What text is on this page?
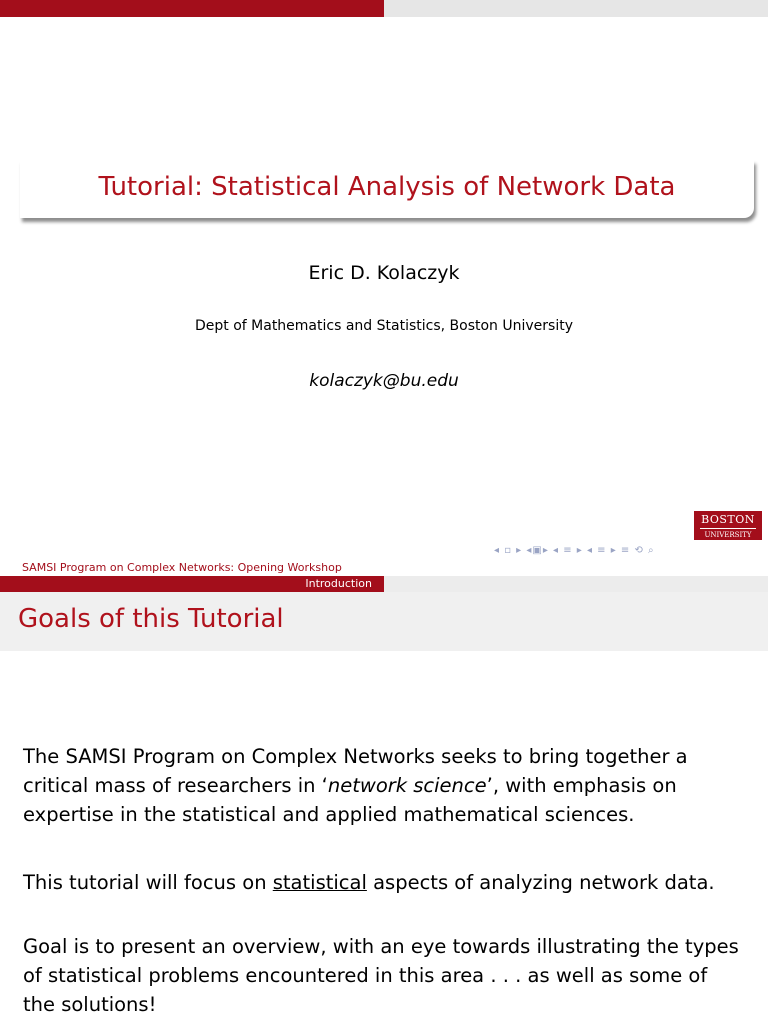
Tutorial: Statistical Analysis of Network Data
Eric D. Kolaczyk
Dept of Mathematics and Statistics, Boston University
kolaczyk@bu.edu
BOSTON
UNIVERSITY
◂ ▫ ▸ ◂▣▸ ◂ ≡ ▸ ◂ ≡ ▸ ≡ ⟲ ⌕
SAMSI Program on Complex Networks: Opening Workshop
Introduction
Goals of this Tutorial
The SAMSI Program on Complex Networks seeks to bring together a critical mass of researchers in ‘network science’, with emphasis on expertise in the statistical and applied mathematical sciences.
This tutorial will focus on statistical aspects of analyzing network data.
Goal is to present an overview, with an eye towards illustrating the types of statistical problems encountered in this area . . . as well as some of the solutions!
